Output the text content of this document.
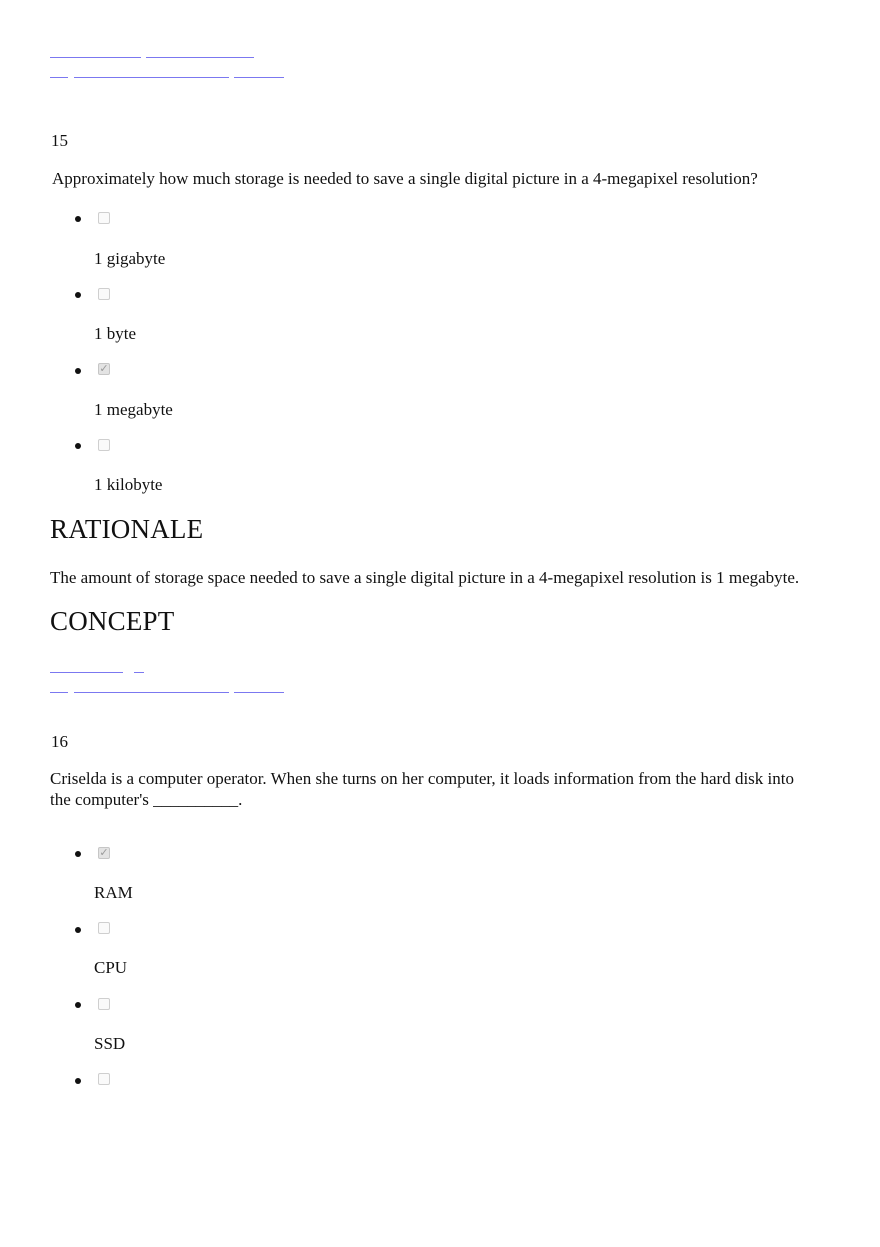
15
Approximately how much storage is needed to save a single digital picture in a 4-megapixel resolution?
1 gigabyte
1 byte
✓
1 megabyte
1 kilobyte
RATIONALE
The amount of storage space needed to save a single digital picture in a 4-megapixel resolution is 1 megabyte.
CONCEPT
16
Criselda is a computer operator. When she turns on her computer, it loads information from the hard disk into
the computer's __________.
✓
RAM
CPU
SSD
